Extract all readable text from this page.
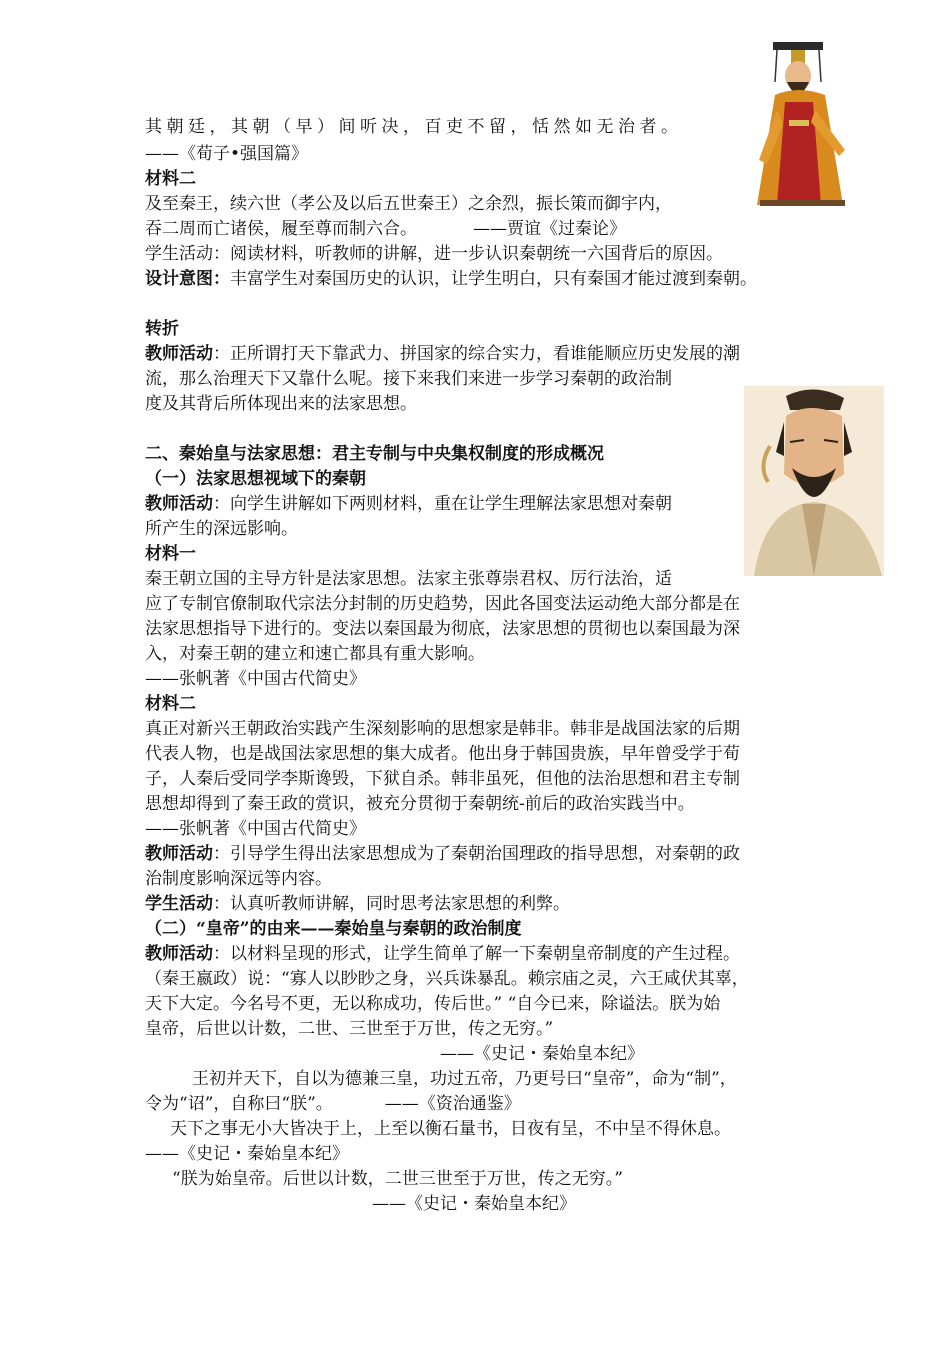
其朝廷，其朝（早）间听决，百吏不留，恬然如无治者。
——《荀子•强国篇》
材料二
及至秦王，续六世（孝公及以后五世秦王）之余烈，振长策而御宇内，
吞二周而亡诸侯，履至尊而制六合。	——贾谊《过秦论》
学生活动：阅读材料，听教师的讲解，进一步认识秦朝统一六国背后的原因。
设计意图：丰富学生对秦国历史的认识，让学生明白，只有秦国才能过渡到秦朝。
转折
教师活动：正所谓打天下靠武力、拼国家的综合实力，看谁能顺应历史发展的潮
流，那么治理天下又靠什么呢。接下来我们来进一步学习秦朝的政治制
度及其背后所体现出来的法家思想。
二、秦始皇与法家思想：君主专制与中央集权制度的形成概况
（一）法家思想视域下的秦朝
教师活动：向学生讲解如下两则材料，重在让学生理解法家思想对秦朝
所产生的深远影响。
材料一
秦王朝立国的主导方针是法家思想。法家主张尊崇君权、厉行法治，适
应了专制官僚制取代宗法分封制的历史趋势，因此各国变法运动绝大部分都是在
法家思想指导下进行的。变法以秦国最为彻底，法家思想的贯彻也以秦国最为深
入，对秦王朝的建立和速亡都具有重大影响。
——张帆著《中国古代简史》
材料二
真正对新兴王朝政治实践产生深刻影响的思想家是韩非。韩非是战国法家的后期
代表人物，也是战国法家思想的集大成者。他出身于韩国贵族，早年曾受学于荀
子，人秦后受同学李斯谗毁，下狱自杀。韩非虽死，但他的法治思想和君主专制
思想却得到了秦王政的赏识，被充分贯彻于秦朝统-前后的政治实践当中。
——张帆著《中国古代简史》
教师活动：引导学生得出法家思想成为了秦朝治国理政的指导思想，对秦朝的政
治制度影响深远等内容。
学生活动：认真听教师讲解，同时思考法家思想的利弊。
（二）“皇帝”的由来——秦始皇与秦朝的政治制度
教师活动：以材料呈现的形式，让学生简单了解一下秦朝皇帝制度的产生过程。
（秦王嬴政）说：“寡人以眇眇之身，兴兵诛暴乱。赖宗庙之灵，六王咸伏其辜，
天下大定。今名号不更，无以称成功，传后世。” “自今已来，除谥法。朕为始
皇帝，后世以计数，二世、三世至于万世，传之无穷。”
——《史记・秦始皇本纪》
王初并天下，自以为德兼三皇，功过五帝，乃更号曰“皇帝”，命为“制”，
令为“诏”，自称曰“朕”。	——《资治通鉴》
天下之事无小大皆决于上，上至以衡石量书，日夜有呈，不中呈不得休息。
——《史记・秦始皇本纪》
“朕为始皇帝。后世以计数，二世三世至于万世，传之无穷。”
——《史记・秦始皇本纪》
